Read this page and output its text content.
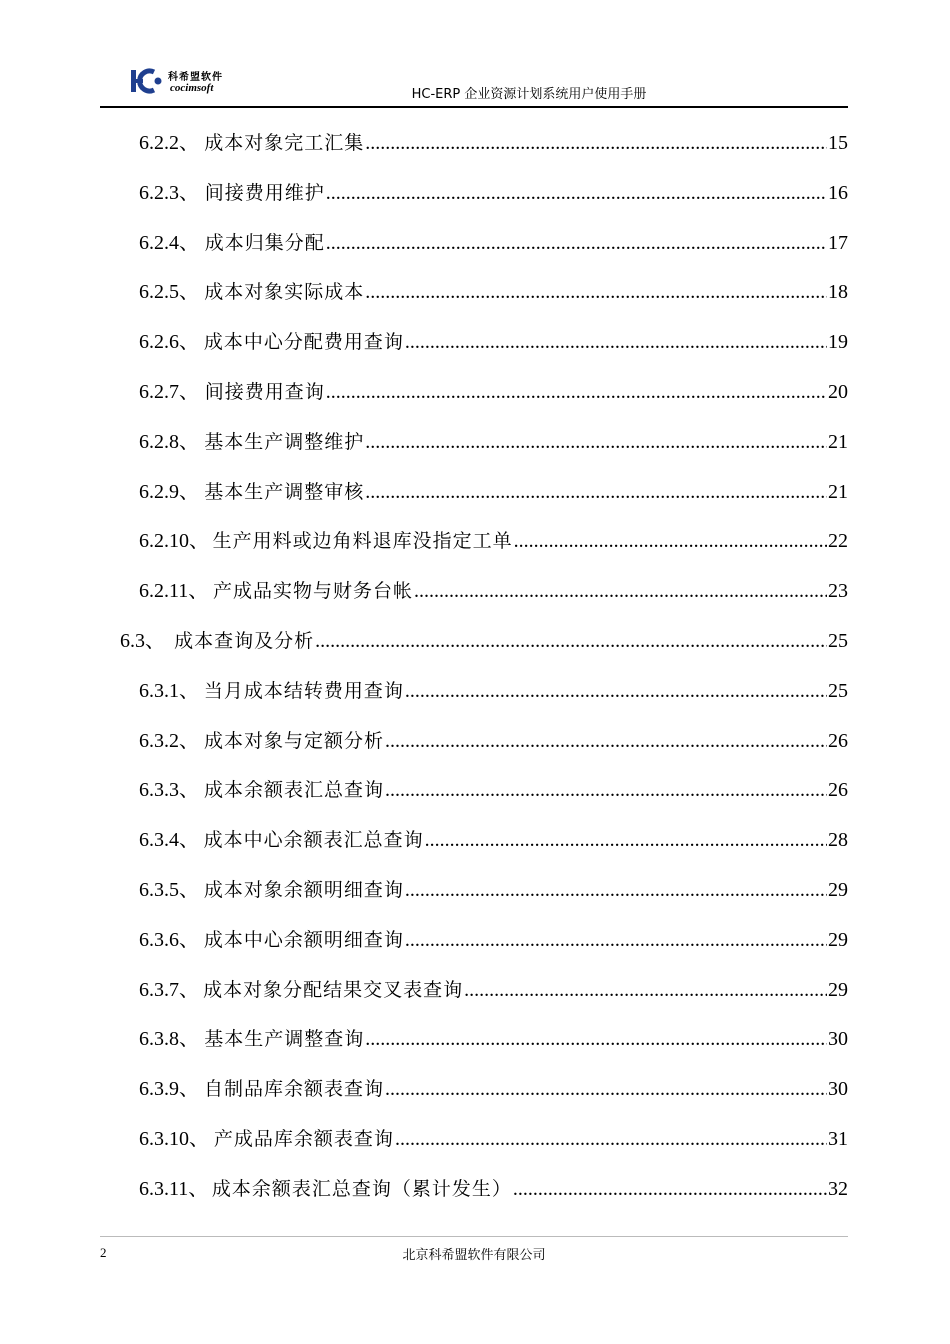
科希盟软件
cocimsoft	HC-ERP 企业资源计划系统用户使用手册
6.2.2、 成本对象完工汇集 .....	15
6.2.3、 间接费用维护 .....	16
6.2.4、 成本归集分配 .....	17
6.2.5、 成本对象实际成本 .....	18
6.2.6、 成本中心分配费用查询 .....	19
6.2.7、 间接费用查询 .....	20
6.2.8、 基本生产调整维护 .....	21
6.2.9、 基本生产调整审核 .....	21
6.2.10、 生产用料或边角料退库没指定工单 .....	22
6.2.11、 产成品实物与财务台帐 .....	23
6.3、 成本查询及分析 .....	25
6.3.1、 当月成本结转费用查询 .....	25
6.3.2、 成本对象与定额分析 .....	26
6.3.3、 成本余额表汇总查询 .....	26
6.3.4、 成本中心余额表汇总查询 .....	28
6.3.5、 成本对象余额明细查询 .....	29
6.3.6、 成本中心余额明细查询 .....	29
6.3.7、 成本对象分配结果交叉表查询 .....	29
6.3.8、 基本生产调整查询 .....	30
6.3.9、 自制品库余额表查询 .....	30
6.3.10、 产成品库余额表查询 .....	31
6.3.11、 成本余额表汇总查询（累计发生） .....	32
2	北京科希盟软件有限公司
